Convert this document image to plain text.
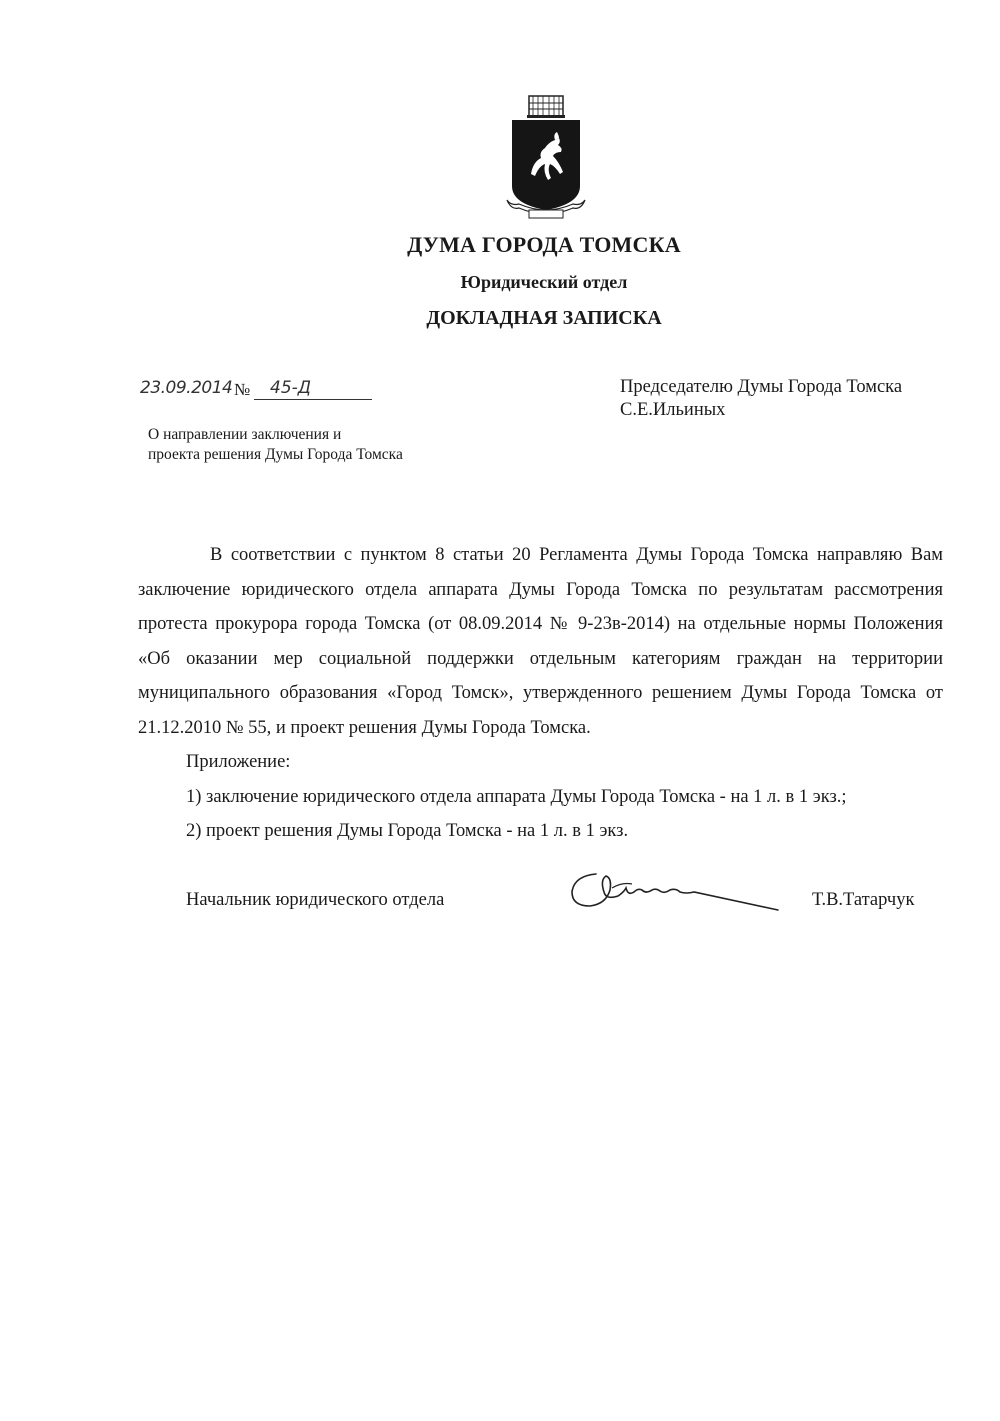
ДУМА ГОРОДА ТОМСКА
Юридический отдел
ДОКЛАДНАЯ ЗАПИСКА
23.09.2014 № 45-Д
О направлении заключения и
проекта решения Думы Города Томска
Председателю Думы Города Томска
С.Е.Ильиных

В соответствии с пунктом 8 статьи 20 Регламента Думы Города Томска направляю Вам заключение юридического отдела аппарата Думы Города Томска по результатам рассмотрения протеста прокурора города Томска (от 08.09.2014 № 9-23в-2014) на отдельные нормы Положения «Об оказании мер социальной поддержки отдельным категориям граждан на территории муниципального образования «Город Томск», утвержденного решением Думы Города Томска от 21.12.2010 № 55, и проект решения Думы Города Томска.

Приложение:

1) заключение юридического отдела аппарата Думы Города Томска - на 1 л. в 1 экз.;

2) проект решения Думы Города Томска - на 1 л. в 1 экз.

Начальник юридического отдела	Т.В.Татарчук
